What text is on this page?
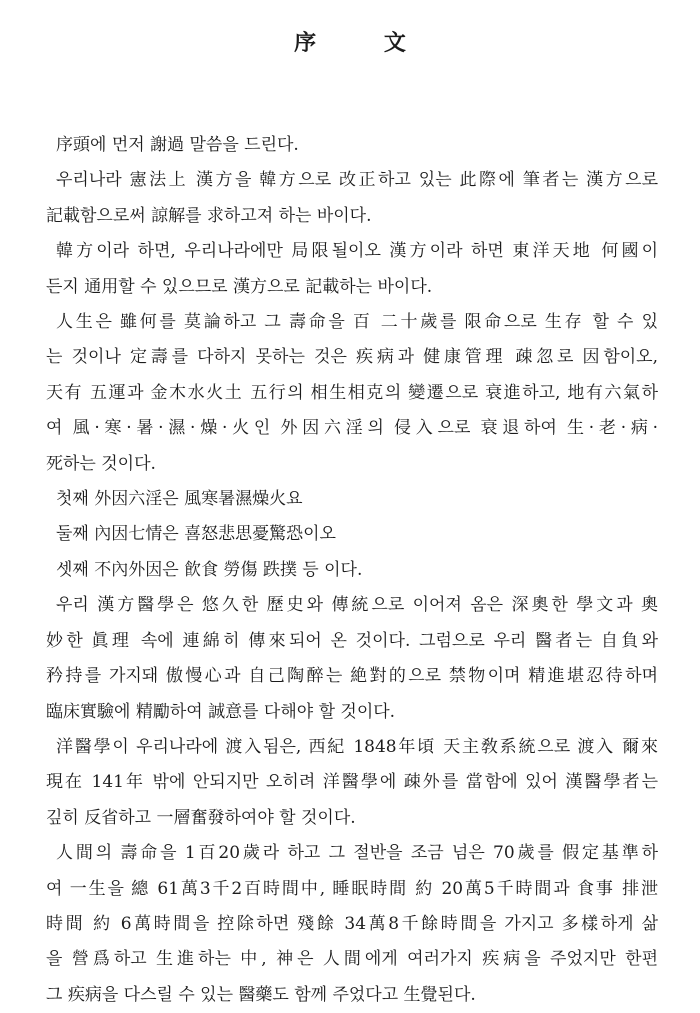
序 文
序頭에 먼저 謝過 말씀을 드린다.
우리나라 憲法上 漢方을 韓方으로 改正하고 있는 此際에 筆者는 漢方으로
記載함으로써 諒解를 求하고져 하는 바이다.
韓方이라 하면, 우리나라에만 局限될이오 漢方이라 하면 東洋天地 何國이
든지 通用할 수 있으므로 漢方으로 記載하는 바이다.
人生은 雖何를 莫論하고 그 壽命을 百 二十歲를 限命으로 生存 할 수 있
는 것이나 定壽를 다하지 못하는 것은 疾病과 健康管理 疎忽로 因함이오,
天有 五運과 金木水火土 五行의 相生相克의 變遷으로 衰進하고, 地有六氣하
여 風·寒·暑·濕·燥·火인 外因六淫의 侵入으로 衰退하여 生·老·病·
死하는 것이다.
첫째 外因六淫은 風寒暑濕燥火요
둘째 內因七情은 喜怒悲思憂驚恐이오
셋째 不內外因은 飮食 勞傷 跌撲 등 이다.
우리 漢方醫學은 悠久한 歷史와 傳統으로 이어져 옴은 深奧한 學文과 奧
妙한 眞理 속에 連綿히 傳來되어 온 것이다. 그럼으로 우리 醫者는 自負와
矜持를 가지돼 傲慢心과 自己陶醉는 絶對的으로 禁物이며 精進堪忍待하며
臨床實驗에 精勵하여 誠意를 다해야 할 것이다.
洋醫學이 우리나라에 渡入됨은, 西紀 1848年頃 天主敎系統으로 渡入 爾來
現在 141年 밖에 안되지만 오히려 洋醫學에 疎外를 當함에 있어 漢醫學者는
깊히 反省하고 一層奮發하여야 할 것이다.
人間의 壽命을 1百20歲라 하고 그 절반을 조금 넘은 70歲를 假定基準하
여 一生을 總 61萬3千2百時間中, 睡眠時間 約 20萬5千時間과 食事 排泄
時間 約 6萬時間을 控除하면 殘餘 34萬8千餘時間을 가지고 多樣하게 삶
을 營爲하고 生進하는 中, 神은 人間에게 여러가지 疾病을 주었지만 한편
그 疾病을 다스릴 수 있는 醫藥도 함께 주었다고 生覺된다.
